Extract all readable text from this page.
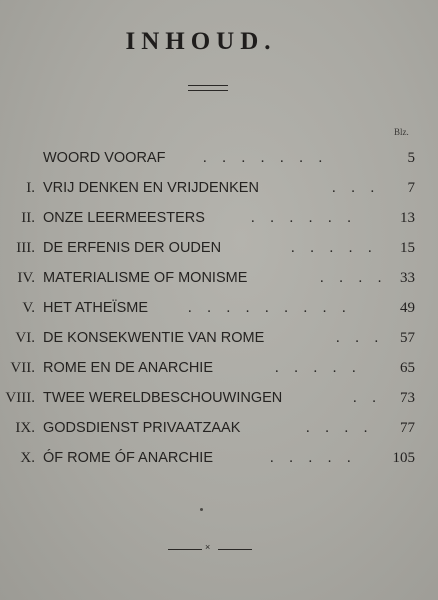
INHOUD.
Blz.
WOORD VOORAF	. . . . . . .	5
I. VRIJ DENKEN EN VRIJDENKEN	. . .	7
II. ONZE LEERMEESTERS	. . . . . .	13
III. DE ERFENIS DER OUDEN	. . . . .	15
IV. MATERIALISME OF MONISME	. . . . 33
V. HET ATHEÏSME	. . . . . . . . .	49
VI. DE KONSEKWENTIE VAN ROME	. . .	57
VII. ROME EN DE ANARCHIE	. . . . .	65
VIII. TWEE WERELDBESCHOUWINGEN	. .	73
IX. GODSDIENST PRIVAATZAAK	. . . .	77
X. ÓF ROME ÓF ANARCHIE	. . . . .	105
×
